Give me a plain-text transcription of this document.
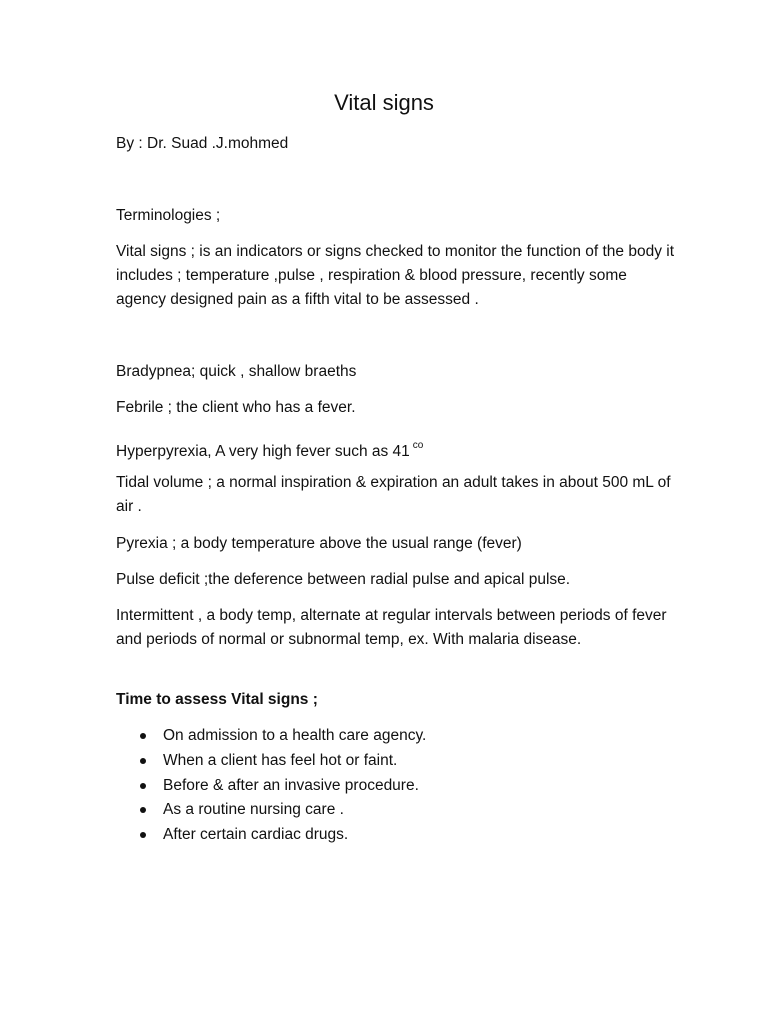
Vital signs
By : Dr. Suad .J.mohmed
Terminologies ;
Vital signs ; is an indicators or signs checked to monitor the function of the body it includes ; temperature ,pulse , respiration & blood pressure, recently some agency designed pain as a fifth vital to be assessed .
Bradypnea; quick , shallow braeths
Febrile ; the client who has a fever.
Hyperpyrexia, A very high fever such as 41 $^{co}$
Tidal volume ; a normal inspiration & expiration an adult takes in about 500 mL of air .
Pyrexia ; a body temperature above the usual range (fever)
Pulse deficit ;the deference between radial pulse and apical pulse.
Intermittent , a body temp, alternate at regular intervals between periods of fever and periods of normal or subnormal temp, ex. With malaria disease.
Time to assess Vital signs ;
On admission to a health care agency.
When a client has feel hot or faint.
Before & after an invasive procedure.
As a routine nursing care .
After certain cardiac drugs.
